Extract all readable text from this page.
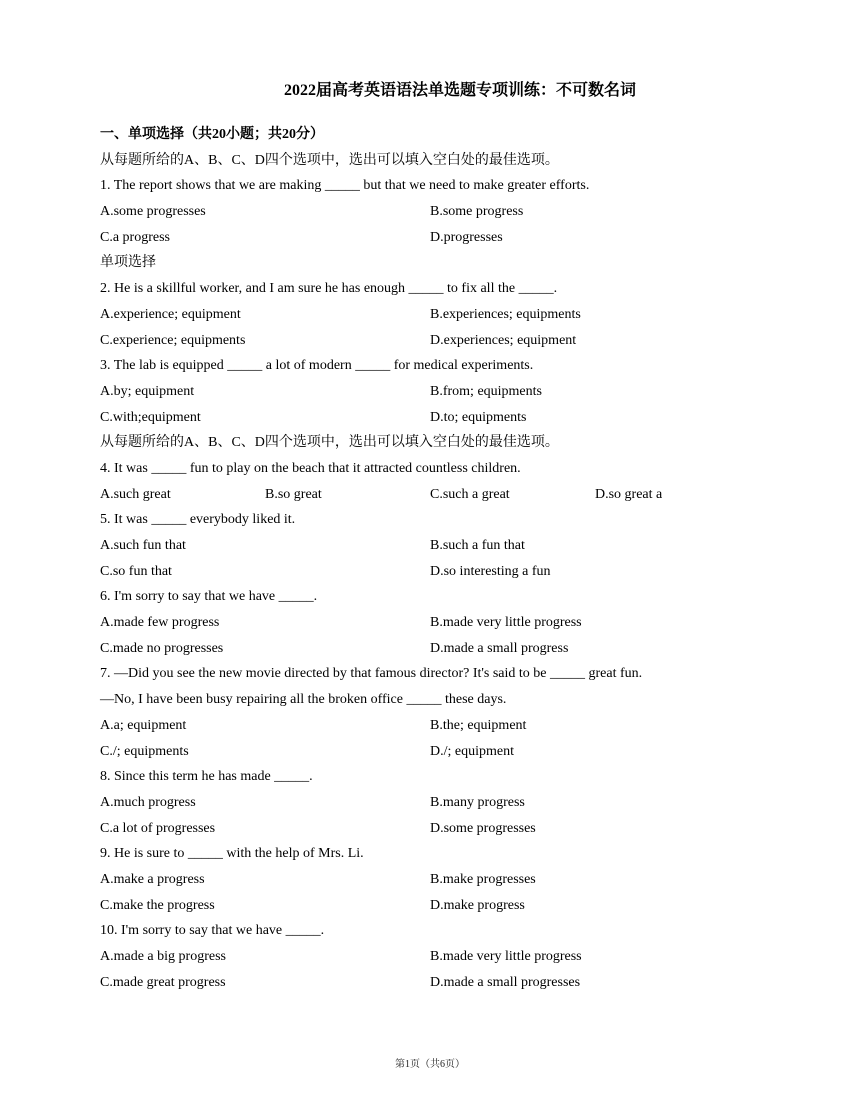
2022届高考英语语法单选题专项训练：不可数名词
一、单项选择（共20小题；共20分）
从每题所给的A、B、C、D四个选项中，选出可以填入空白处的最佳选项。
1. The report shows that we are making _____ but that we need to make greater efforts.
A.some progresses	B.some progress
C.a progress	D.progresses
单项选择
2. He is a skillful worker, and I am sure he has enough _____ to fix all the _____.
A.experience; equipment	B.experiences; equipments
C.experience; equipments	D.experiences; equipment
3. The lab is equipped _____ a lot of modern _____ for medical experiments.
A.by; equipment	B.from; equipments
C.with;equipment	D.to; equipments
从每题所给的A、B、C、D四个选项中，选出可以填入空白处的最佳选项。
4. It was _____ fun to play on the beach that it attracted countless children.
A.such great	B.so great	C.such a great	D.so great a
5. It was _____ everybody liked it.
A.such fun that	B.such a fun that
C.so fun that	D.so interesting a fun
6. I'm sorry to say that we have _____.
A.made few progress	B.made very little progress
C.made no progresses	D.made a small progress
7. —Did you see the new movie directed by that famous director? It's said to be _____ great fun.
—No, I have been busy repairing all the broken office _____ these days.
A.a; equipment	B.the; equipment
C./; equipments	D./; equipment
8. Since this term he has made _____.
A.much progress	B.many progress
C.a lot of progresses	D.some progresses
9. He is sure to _____ with the help of Mrs. Li.
A.make a progress	B.make progresses
C.make the progress	D.make progress
10. I'm sorry to say that we have _____.
A.made a big progress	B.made very little progress
C.made great progress	D.made a small progresses
第1页（共6页）
